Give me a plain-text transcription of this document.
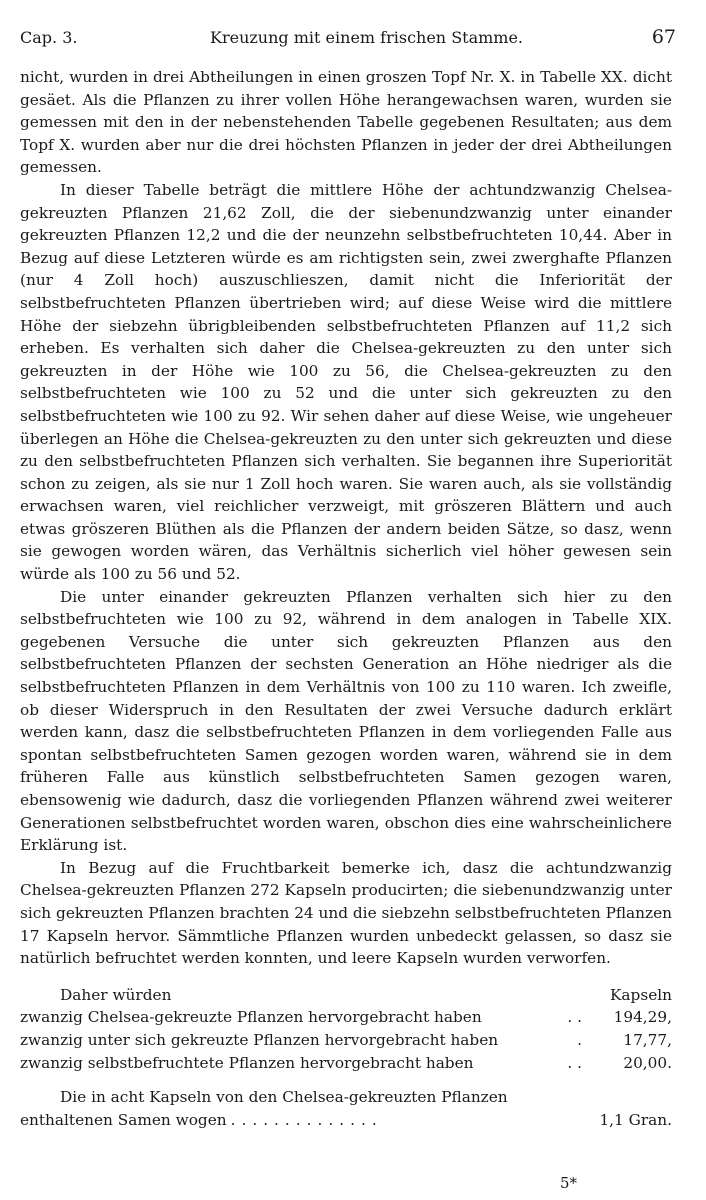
Cap. 3.	Kreuzung mit einem frischen Stamme.	67

nicht, wurden in drei Abtheilungen in einen groszen Topf Nr. X. in Tabelle XX. dicht gesäet. Als die Pflanzen zu ihrer vollen Höhe herangewachsen waren, wurden sie gemessen mit den in der nebenstehenden Tabelle gegebenen Resultaten; aus dem Topf X. wurden aber nur die drei höchsten Pflanzen in jeder der drei Abtheilungen gemessen.

In dieser Tabelle beträgt die mittlere Höhe der achtundzwanzig Chelsea-gekreuzten Pflanzen 21,62 Zoll, die der siebenundzwanzig unter einander gekreuzten Pflanzen 12,2 und die der neunzehn selbstbefruchteten 10,44. Aber in Bezug auf diese Letzteren würde es am richtigsten sein, zwei zwerghafte Pflanzen (nur 4 Zoll hoch) auszuschlieszen, damit nicht die Inferiorität der selbstbefruchteten Pflanzen übertrieben wird; auf diese Weise wird die mittlere Höhe der siebzehn übrigbleibenden selbstbefruchteten Pflanzen auf 11,2 sich erheben. Es verhalten sich daher die Chelsea-gekreuzten zu den unter sich gekreuzten in der Höhe wie 100 zu 56, die Chelsea-gekreuzten zu den selbstbefruchteten wie 100 zu 52 und die unter sich gekreuzten zu den selbstbefruchteten wie 100 zu 92. Wir sehen daher auf diese Weise, wie ungeheuer überlegen an Höhe die Chelsea-gekreuzten zu den unter sich gekreuzten und diese zu den selbstbefruchteten Pflanzen sich verhalten. Sie begannen ihre Superiorität schon zu zeigen, als sie nur 1 Zoll hoch waren. Sie waren auch, als sie vollständig erwachsen waren, viel reichlicher verzweigt, mit gröszeren Blättern und auch etwas gröszeren Blüthen als die Pflanzen der andern beiden Sätze, so dasz, wenn sie gewogen worden wären, das Verhältnis sicherlich viel höher gewesen sein würde als 100 zu 56 und 52.

Die unter einander gekreuzten Pflanzen verhalten sich hier zu den selbstbefruchteten wie 100 zu 92, während in dem analogen in Tabelle XIX. gegebenen Versuche die unter sich gekreuzten Pflanzen aus den selbstbefruchteten Pflanzen der sechsten Generation an Höhe niedriger als die selbstbefruchteten Pflanzen in dem Verhältnis von 100 zu 110 waren. Ich zweifle, ob dieser Widerspruch in den Resultaten der zwei Versuche dadurch erklärt werden kann, dasz die selbstbefruchteten Pflanzen in dem vorliegenden Falle aus spontan selbstbefruchteten Samen gezogen worden waren, während sie in dem früheren Falle aus künstlich selbstbefruchteten Samen gezogen waren, ebensowenig wie dadurch, dasz die vorliegenden Pflanzen während zwei weiterer Generationen selbstbefruchtet worden waren, obschon dies eine wahrscheinlichere Erklärung ist.

In Bezug auf die Fruchtbarkeit bemerke ich, dasz die achtundzwanzig Chelsea-gekreuzten Pflanzen 272 Kapseln producirten; die siebenundzwanzig unter sich gekreuzten Pflanzen brachten 24 und die siebzehn selbstbefruchteten Pflanzen 17 Kapseln hervor. Sämmtliche Pflanzen wurden unbedeckt gelassen, so dasz sie natürlich befruchtet werden konnten, und leere Kapseln wurden verworfen.

Daher würden		Kapseln
zwanzig Chelsea-gekreuzte Pflanzen hervorgebracht haben	. .	194,29,
zwanzig unter sich gekreuzte Pflanzen hervorgebracht haben	.	17,77,
zwanzig selbstbefruchtete Pflanzen hervorgebracht haben	. .	20,00.
Die in acht Kapseln von den Chelsea-gekreuzten Pflanzen
enthaltenen Samen wogen ..............	1,1 Gran.
5*
